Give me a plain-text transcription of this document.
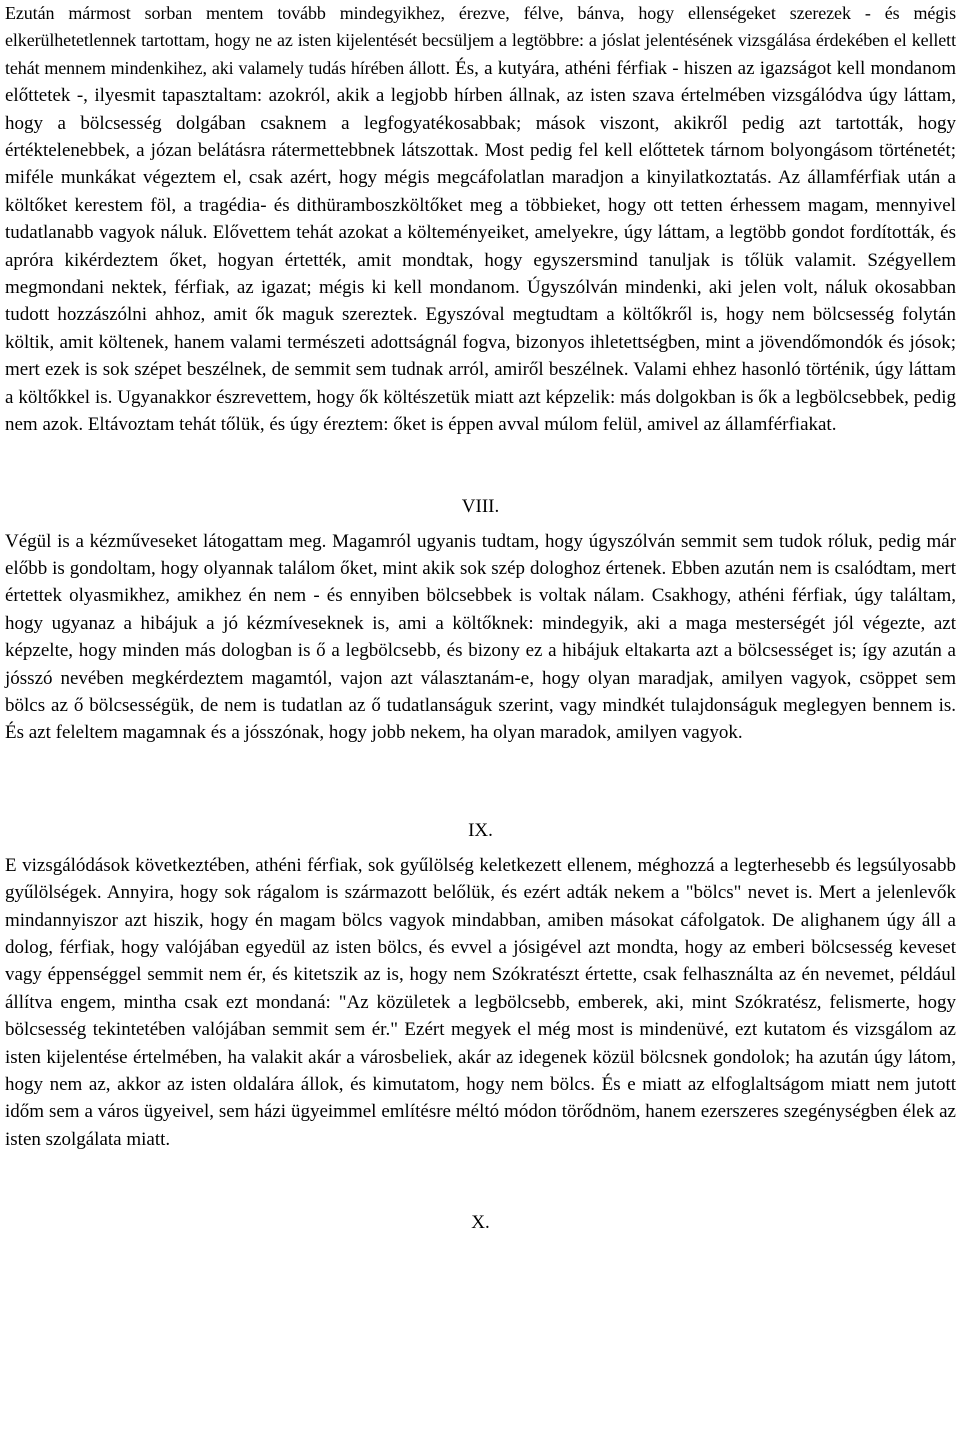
Ezután mármost sorban mentem tovább mindegyikhez, érezve, félve, bánva, hogy ellenségeket szerezek - és mégis elkerülhetetlennek tartottam, hogy ne az isten kijelentését becsüljem a legtöbbre: a jóslat jelentésének vizsgálása érdekében el kellett tehát mennem mindenkihez, aki valamely tudás hírében állott. És, a kutyára, athéni férfiak - hiszen az igazságot kell mondanom előttetek -, ilyesmit tapasztaltam: azokról, akik a legjobb hírben állnak, az isten szava értelmében vizsgálódva úgy láttam, hogy a bölcsesség dolgában csaknem a legfogyatékosabbak; mások viszont, akikről pedig azt tartották, hogy értéktelenebbek, a józan belátásra rátermettebbnek látszottak. Most pedig fel kell előttetek tárnom bolyongásom történetét; miféle munkákat végeztem el, csak azért, hogy mégis megcáfolatlan maradjon a kinyilatkoztatás. Az államférfiak után a költőket kerestem föl, a tragédia- és dithüramboszköltőket meg a többieket, hogy ott tetten érhessem magam, mennyivel tudatlanabb vagyok náluk. Elővettem tehát azokat a költeményeiket, amelyekre, úgy láttam, a legtöbb gondot fordították, és apróra kikérdeztem őket, hogyan értették, amit mondtak, hogy egyszersmind tanuljak is tőlük valamit. Szégyellem megmondani nektek, férfiak, az igazat; mégis ki kell mondanom. Úgyszólván mindenki, aki jelen volt, náluk okosabban tudott hozzászólni ahhoz, amit ők maguk szereztek. Egyszóval megtudtam a költőkről is, hogy nem bölcsesség folytán költik, amit költenek, hanem valami természeti adottságnál fogva, bizonyos ihletettségben, mint a jövendőmondók és jósok; mert ezek is sok szépet beszélnek, de semmit sem tudnak arról, amiről beszélnek. Valami ehhez hasonló történik, úgy láttam a költőkkel is. Ugyanakkor észrevettem, hogy ők költészetük miatt azt képzelik: más dolgokban is ők a legbölcsebbek, pedig nem azok. Eltávoztam tehát tőlük, és úgy éreztem: őket is éppen avval múlom felül, amivel az államférfiakat.

VIII.

Végül is a kézműveseket látogattam meg. Magamról ugyanis tudtam, hogy úgyszólván semmit sem tudok róluk, pedig már előbb is gondoltam, hogy olyannak találom őket, mint akik sok szép dologhoz értenek. Ebben azután nem is csalódtam, mert értettek olyasmikhez, amikhez én nem - és ennyiben bölcsebbek is voltak nálam. Csakhogy, athéni férfiak, úgy találtam, hogy ugyanaz a hibájuk a jó kézmíveseknek is, ami a költőknek: mindegyik, aki a maga mesterségét jól végezte, azt képzelte, hogy minden más dologban is ő a legbölcsebb, és bizony ez a hibájuk eltakarta azt a bölcsességet is; így azután a jósszó nevében megkérdeztem magamtól, vajon azt választanám-e, hogy olyan maradjak, amilyen vagyok, csöppet sem bölcs az ő bölcsességük, de nem is tudatlan az ő tudatlanságuk szerint, vagy mindkét tulajdonságuk meglegyen bennem is. És azt feleltem magamnak és a jósszónak, hogy jobb nekem, ha olyan maradok, amilyen vagyok.

IX.

E vizsgálódások következtében, athéni férfiak, sok gyűlölség keletkezett ellenem, méghozzá a legterhesebb és legsúlyosabb gyűlölségek. Annyira, hogy sok rágalom is származott belőlük, és ezért adták nekem a "bölcs" nevet is. Mert a jelenlevők mindannyiszor azt hiszik, hogy én magam bölcs vagyok mindabban, amiben másokat cáfolgatok. De alighanem úgy áll a dolog, férfiak, hogy valójában egyedül az isten bölcs, és evvel a jósigével azt mondta, hogy az emberi bölcsesség keveset vagy éppenséggel semmit nem ér, és kitetszik az is, hogy nem Szókratészt értette, csak felhasználta az én nevemet, például állítva engem, mintha csak ezt mondaná: "Az közületek a legbölcsebb, emberek, aki, mint Szókratész, felismerte, hogy bölcsesség tekintetében valójában semmit sem ér." Ezért megyek el még most is mindenüvé, ezt kutatom és vizsgálom az isten kijelentése értelmében, ha valakit akár a városbeliek, akár az idegenek közül bölcsnek gondolok; ha azután úgy látom, hogy nem az, akkor az isten oldalára állok, és kimutatom, hogy nem bölcs. És e miatt az elfoglaltságom miatt nem jutott időm sem a város ügyeivel, sem házi ügyeimmel említésre méltó módon törődnöm, hanem ezerszeres szegénységben élek az isten szolgálata miatt.

X.
